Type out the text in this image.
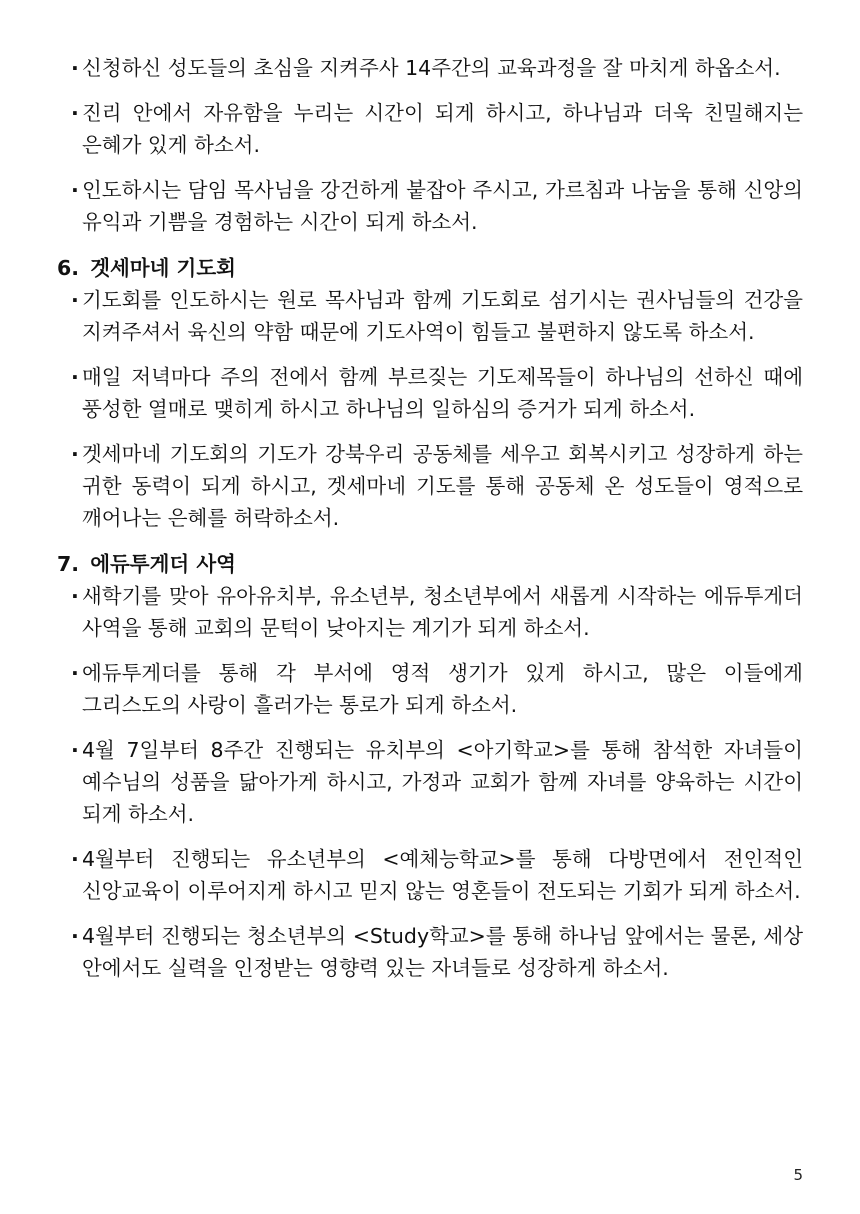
· 신청하신 성도들의 초심을 지켜주사 14주간의 교육과정을 잘 마치게 하옵소서.
· 진리 안에서 자유함을 누리는 시간이 되게 하시고, 하나님과 더욱 친밀해지는 은혜가 있게 하소서.
· 인도하시는 담임 목사님을 강건하게 붙잡아 주시고, 가르침과 나눔을 통해 신앙의 유익과 기쁨을 경험하는 시간이 되게 하소서.
6. 겟세마네 기도회
· 기도회를 인도하시는 원로 목사님과 함께 기도회로 섬기시는 권사님들의 건강을 지켜주셔서 육신의 약함 때문에 기도사역이 힘들고 불편하지 않도록 하소서.
· 매일 저녁마다 주의 전에서 함께 부르짖는 기도제목들이 하나님의 선하신 때에 풍성한 열매로 맺히게 하시고 하나님의 일하심의 증거가 되게 하소서.
· 겟세마네 기도회의 기도가 강북우리 공동체를 세우고 회복시키고 성장하게 하는 귀한 동력이 되게 하시고, 겟세마네 기도를 통해 공동체 온 성도들이 영적으로 깨어나는 은혜를 허락하소서.
7. 에듀투게더 사역
· 새학기를 맞아 유아유치부, 유소년부, 청소년부에서 새롭게 시작하는 에듀투게더 사역을 통해 교회의 문턱이 낮아지는 계기가 되게 하소서.
· 에듀투게더를 통해 각 부서에 영적 생기가 있게 하시고, 많은 이들에게 그리스도의 사랑이 흘러가는 통로가 되게 하소서.
· 4월 7일부터 8주간 진행되는 유치부의 <아기학교>를 통해 참석한 자녀들이 예수님의 성품을 닮아가게 하시고, 가정과 교회가 함께 자녀를 양육하는 시간이 되게 하소서.
· 4월부터 진행되는 유소년부의 <예체능학교>를 통해 다방면에서 전인적인 신앙교육이 이루어지게 하시고 믿지 않는 영혼들이 전도되는 기회가 되게 하소서.
· 4월부터 진행되는 청소년부의 <Study학교>를 통해 하나님 앞에서는 물론, 세상 안에서도 실력을 인정받는 영향력 있는 자녀들로 성장하게 하소서.
5
